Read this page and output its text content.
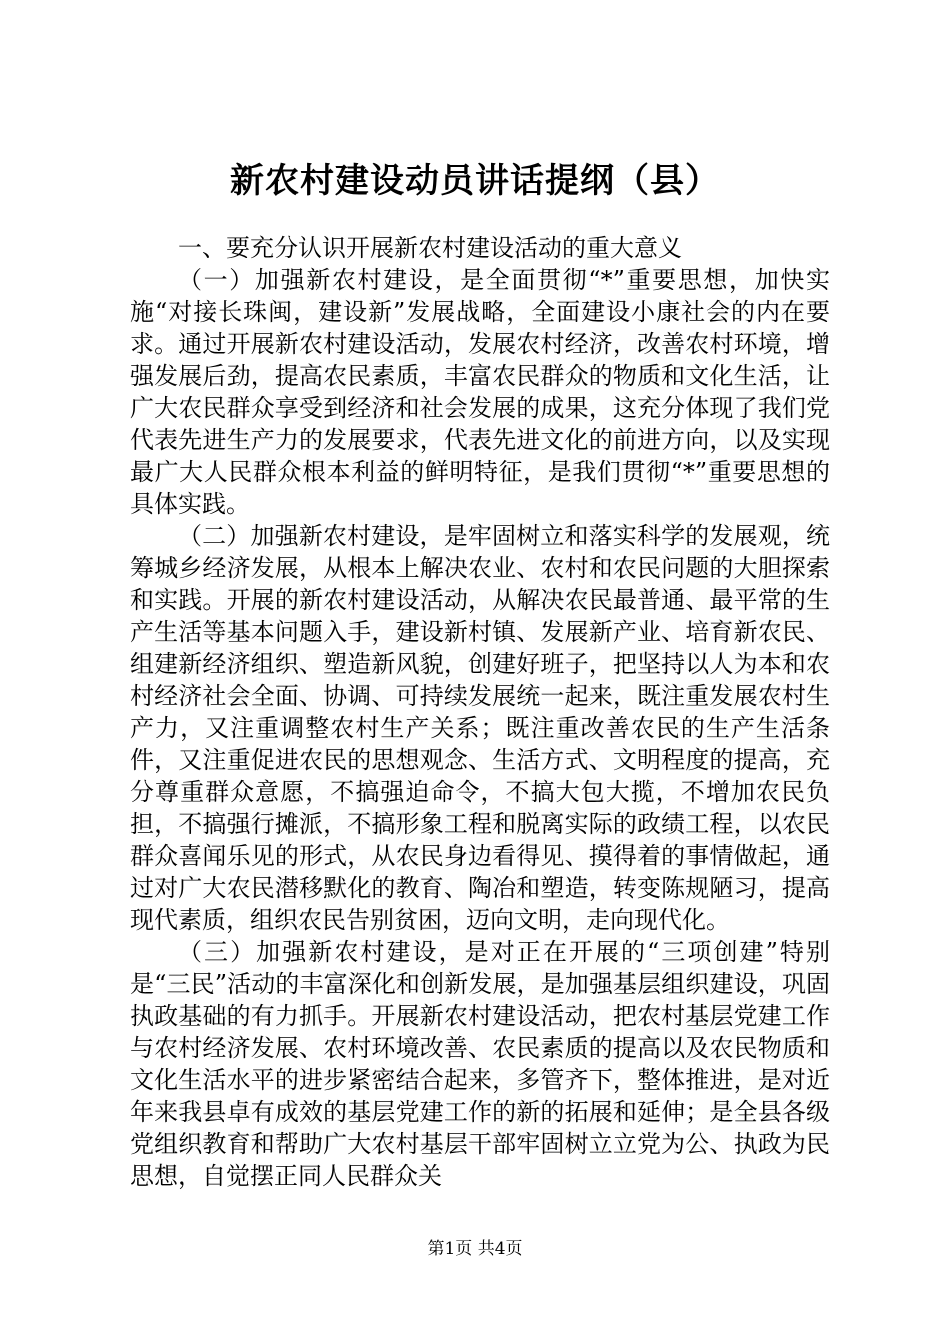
新农村建设动员讲话提纲（县）

一、要充分认识开展新农村建设活动的重大意义

（一）加强新农村建设，是全面贯彻“*”重要思想，加快实施“对接长珠闽，建设新”发展战略，全面建设小康社会的内在要求。通过开展新农村建设活动，发展农村经济，改善农村环境，增强发展后劲，提高农民素质，丰富农民群众的物质和文化生活，让广大农民群众享受到经济和社会发展的成果，这充分体现了我们党代表先进生产力的发展要求，代表先进文化的前进方向，以及实现最广大人民群众根本利益的鲜明特征，是我们贯彻“*”重要思想的具体实践。

（二）加强新农村建设，是牢固树立和落实科学的发展观，统筹城乡经济发展，从根本上解决农业、农村和农民问题的大胆探索和实践。开展的新农村建设活动，从解决农民最普通、最平常的生产生活等基本问题入手，建设新村镇、发展新产业、培育新农民、组建新经济组织、塑造新风貌，创建好班子，把坚持以人为本和农村经济社会全面、协调、可持续发展统一起来，既注重发展农村生产力，又注重调整农村生产关系；既注重改善农民的生产生活条件，又注重促进农民的思想观念、生活方式、文明程度的提高，充分尊重群众意愿，不搞强迫命令，不搞大包大揽，不增加农民负担，不搞强行摊派，不搞形象工程和脱离实际的政绩工程，以农民群众喜闻乐见的形式，从农民身边看得见、摸得着的事情做起，通过对广大农民潜移默化的教育、陶冶和塑造，转变陈规陋习，提高现代素质，组织农民告别贫困，迈向文明，走向现代化。

（三）加强新农村建设，是对正在开展的“三项创建”特别是“三民”活动的丰富深化和创新发展，是加强基层组织建设，巩固执政基础的有力抓手。开展新农村建设活动，把农村基层党建工作与农村经济发展、农村环境改善、农民素质的提高以及农民物质和文化生活水平的进步紧密结合起来，多管齐下，整体推进，是对近年来我县卓有成效的基层党建工作的新的拓展和延伸；是全县各级党组织教育和帮助广大农村基层干部牢固树立立党为公、执政为民思想，自觉摆正同人民群众关

第1页 共4页
